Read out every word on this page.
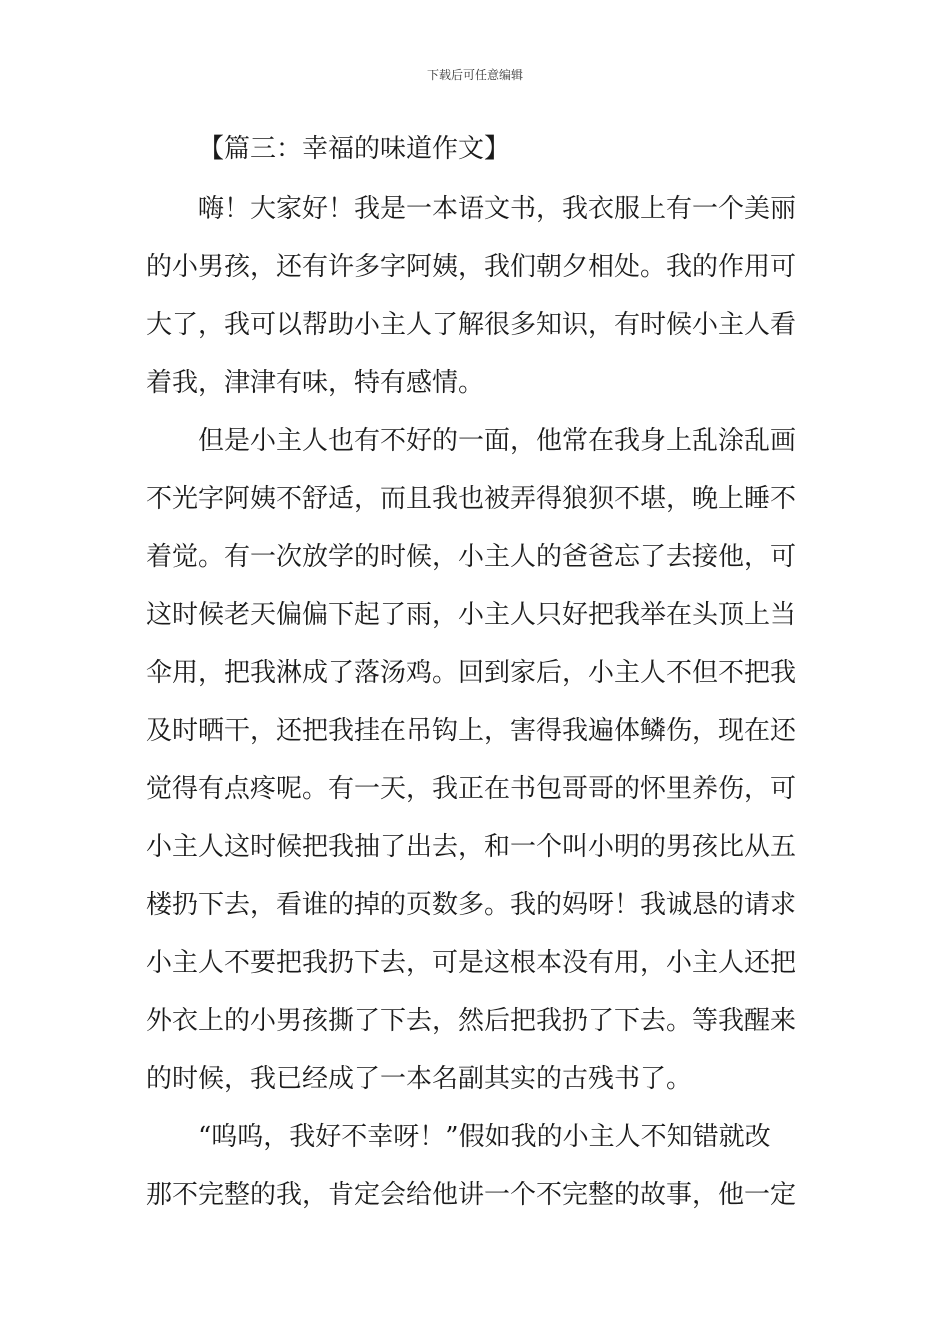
下载后可任意编辑
【篇三：幸福的味道作文】
嗨！大家好！我是一本语文书，我衣服上有一个美丽
的小男孩，还有许多字阿姨，我们朝夕相处。我的作用可
大了，我可以帮助小主人了解很多知识，有时候小主人看
着我，津津有味，特有感情。
但是小主人也有不好的一面，他常在我身上乱涂乱画
不光字阿姨不舒适，而且我也被弄得狼狈不堪，晚上睡不
着觉。有一次放学的时候，小主人的爸爸忘了去接他，可
这时候老天偏偏下起了雨，小主人只好把我举在头顶上当
伞用，把我淋成了落汤鸡。回到家后，小主人不但不把我
及时晒干，还把我挂在吊钩上，害得我遍体鳞伤，现在还
觉得有点疼呢。有一天，我正在书包哥哥的怀里养伤，可
小主人这时候把我抽了出去，和一个叫小明的男孩比从五
楼扔下去，看谁的掉的页数多。我的妈呀！我诚恳的请求
小主人不要把我扔下去，可是这根本没有用，小主人还把
外衣上的小男孩撕了下去，然后把我扔了下去。等我醒来
的时候，我已经成了一本名副其实的古残书了。
“呜呜，我好不幸呀！”假如我的小主人不知错就改
那不完整的我，肯定会给他讲一个不完整的故事，他一定
